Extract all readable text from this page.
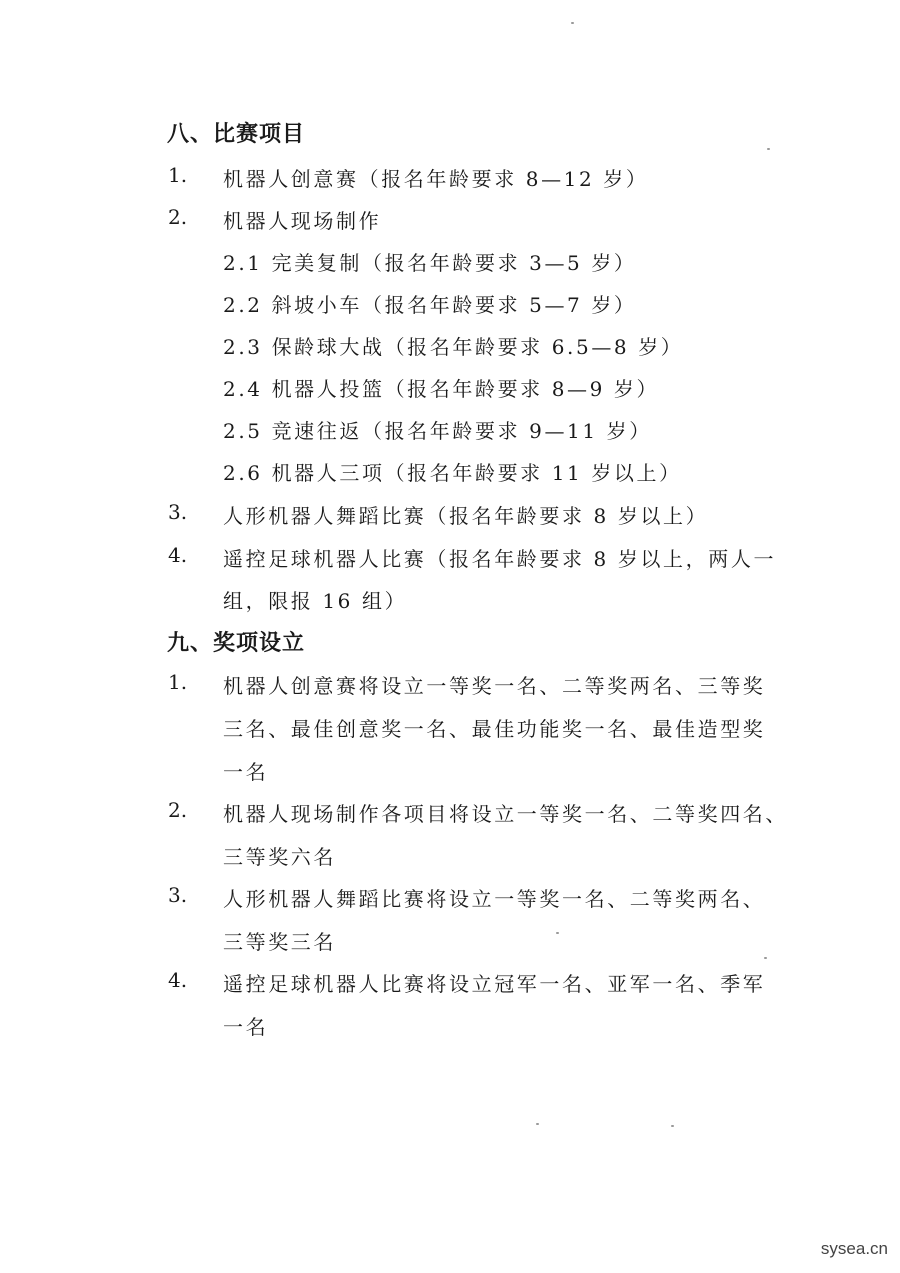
八、比赛项目
1. 机器人创意赛（报名年龄要求 8—12 岁）
2. 机器人现场制作
2.1 完美复制（报名年龄要求 3—5 岁）
2.2 斜坡小车（报名年龄要求 5—7 岁）
2.3 保龄球大战（报名年龄要求 6.5—8 岁）
2.4 机器人投篮（报名年龄要求 8—9 岁）
2.5 竞速往返（报名年龄要求 9—11 岁）
2.6 机器人三项（报名年龄要求 11 岁以上）
3. 人形机器人舞蹈比赛（报名年龄要求 8 岁以上）
4. 遥控足球机器人比赛（报名年龄要求 8 岁以上，两人一
组，限报 16 组）
九、奖项设立
1. 机器人创意赛将设立一等奖一名、二等奖两名、三等奖
三名、最佳创意奖一名、最佳功能奖一名、最佳造型奖
一名
2. 机器人现场制作各项目将设立一等奖一名、二等奖四名、
三等奖六名
3. 人形机器人舞蹈比赛将设立一等奖一名、二等奖两名、
三等奖三名
4. 遥控足球机器人比赛将设立冠军一名、亚军一名、季军
一名
sysea.cn
